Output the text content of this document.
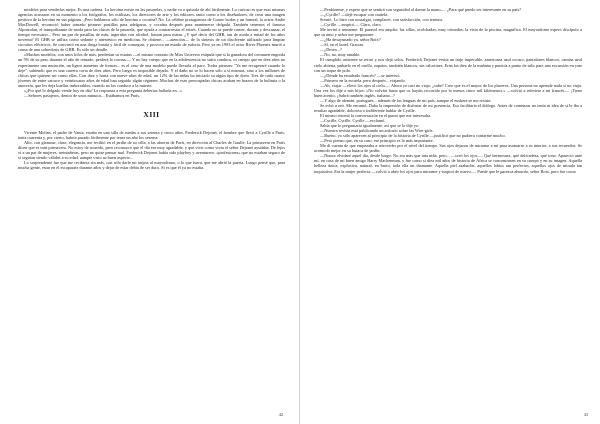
modelos para venderlas mejor. Es una cadena. La heroína existe en las pasarelas, y nadie va a quitarla de ahí fácilmente. Lo curioso es que esas mismas agencias acusaron en su momento a los fotógrafos, los estilistas, los directores de arte y los editores, tanto como a los diseñadores, de crear una imagen positiva de la heroína en sus páginas. ¡Pero hablamos sólo de heroína o cocaína? No. La célebre protagonista de Cuatro bodas y un funeral, la actriz Andie MacDowell, reconoció haber tomado primero pastillas para adelgazar, y cocaína después para mantenerse delgada. También tenemos el famoso Alprazolan, el tranquilizante de moda para las chicas de la pasarela, que ayuda a contrarrestar el estrés. Cuando no se puede comer, dormir y descansar, el tiempo necesario... Pero un par de pastillas de más, ingeridas con alcohol, bastan para matar. ¿Y qué decir del GHB, tan de moda a mitad de los años noventa? El GHB se utiliza como sedante y anestésico en medicina. Se obtiene... —atención— de la síntesis de un disolvente utilizado para limpiar circuitos eléctricos. Se convirtió en una droga barata y fácil de conseguir, y provoca un estado de euforia. Pero ya en 1993 el actor River Phoenix murió a causa de una sobredosis de GHB. Es sólo un detalle.

»Muchas modelos, con unos kilos de más, perderían su estatus —el mismo contrato de Miss Universo estipula que si la ganadora del certamen engorda un 5% de su peso durante el año de reinado, perderá la corona—. Y no hay cuerpo que en la adolescencia no sufra cambios, ni cuerpo que en diez años no experimente una mutación, un ligero aumento de formas... es el caso de una modelo puede llevarla al paro. Todas piensan: "Ya me recuperaré cuando lo deje", sabiendo que es una carrera corta de diez años. Pero luego es imposible dejarlo. Y el daño no se lo hacen sólo a sí mismas, sino a los millones de chicas que quieren ser como ellas. Con diez y hasta con nueve años de edad, un 12% de las niñas ha iniciado su algún tipo de dieta. Tres de cada cuatro jóvenes de entre catorce y veinticuatro años de edad han seguido algún régimen. Muchas de esas preocupadas chicas acaban en brazos de la bulimia o la anorexia, que les deja huellas imborrables, cuando no las conduce a la muerte.

»¿Por qué lo delgado vende hoy en día? La respuesta a esta pregunta deberías hallarla en...»

—Señores pasajeros, dentro de unos minutos... Estábamos en París.

XIII

Vicente Molins, el padre de Vania, estaba en una silla de ruedas a sus setenta y cinco años. Frederick Dejonet, el hombre que llevó a Cyrille a París, tenía cuarenta y, por cierto, habría pasado fácilmente por tener un año los sesenta.

Alto, con glamour, clase, elegancia, me recibió en el jardín de su villa, a las afueras de París, en dirección al Charles de Gaulle. La primavera en París dicen que es más primavera. No estoy de acuerdo, pero reconozco que el día era muy agradable, y que vivir como vivía el señor Dejonet ayudaba. De lejos vi a un par de mujeres, treintañeras, pero no quise pensar mal. Frederick Dejonet había sido playboy y aventurero, «profesiones» que no estaban seguro de sí seguían siendo válidas a su edad, aunque visto su buen aspecto...

Lo sorprendente fue que me recibiera sin más, con sólo darle mi tarjeta al mayordomo, o lo que fuera, que me abrió la puerta. Luego pensé que, para mucha gente, estar en el escaparate durante años y dejar de estar debía de ser duro. Si es que él ya no estaba.

42

—Perdóneme, y espero que se sentirá con seguridad al darme la mano—. ¿Para qué puedo ser interesante en su país?

—¿Cyrille? —dejé escapar con cautela.

Sonrió. Lo hizo con nostalgia, complacer, con satisfacción, con ternura.

—Cyrille —suspiró—. Claro, claro.

Me invitó a sentarme. El parasol era amplio; las sillas, acolchadas, muy cómodas; la vista de la piscina, magnífica. El mayordomo esperó discípulo a que su amo y señor me preguntase:

—¿Ha desayunado ya, señor Boix?

—Sí, en el hotel. Gracias.

—¿Desea...?

—No, no, muy amable.

El cumplido asistente se retiró y nos dejó solos. Frederick Dejonet vestía un traje impecable, americana azul oscuro, pantalones blancos, camisa azul cielo abierta, pañuelo en el cuello, zapatos, también blancos, sin calcetines. Eran las diez de la mañana y parecía a punto de salir para una excursión en yate con un toque de polo.

—¿Dónde ha estudiado francés? —se interesó.

—Primero en la escuela, pero después... viajando.

—Ah, viajar —elevó los ojos al cielo—. Ahora ya casi no viajo, ¿sabe? Creo que es el mayor de los placeres. Una persona no aprende nada si no viaja. Una vez los dije a mis hijos: «No volváis hasta que os hayáis recorrido por lo menos cinco mil kilómetros.» —volvió a referirse a mí francés—. ¡Tiene buen acento, ¿Sabrá también inglés, italiano...?

—Y algo de alemán, portugués... además de las lenguas de mi país, aunque el euskera se me resiste.

Se echó a reír. Me encantó. Daba la impresión de disfrutar de mi presencia. Eso facilitaría el diálogo. Antes de comenzar no tenía ni idea de si le iba a resultar agradable, doloroso o indiferente hablar de Cyrille.

El mismo retomó la conversación en el punto que me interesaba.

—Cyrille, Cyrille, Cyrille —exclamó.

Sabía que lo preguntaría igualmente, así que se lo dije yo:

—Nuestra revista está publicando un artículo sobre las Wire-girls.

—Bueno, yo sólo aparecen al principio de la historia de Cyrille —justificó que no pudiera contarme mucho.

—Pero pienso que, en su caso, ese principio es lo más importante.

Me di cuenta de que empezaba a retroceder por el nivel del tiempo. Sus ojos dejaron de mirarme a mí para asomarse a su interior, a sus recuerdos. Se acomodó mejor en su butaca de jardín.

—Nunca olvidaré aquel día, desde luego. No era más que una niña, pero... —creó los ojos—. Qué hermosura, qué delicadeza, qué tono. Apareció ante mí, en casa de mi buen amigo Harry Machenman, y fue como si diez mil años de historia de África se concentrasen en su cuerpo y en su imagen. Aquella belleza única, explosiva, natural, en bruto, toda ella un diamante. Aquella piel azabache, aquellos labios tan perfectos, aquellos ojos de mirada tan inquisitiva. Era la mujer perfecta —volvió a abrir los ojos para mirarme y suspiró de nuevo—. Puede que le parezca absurdo, señor Boix, pero fue como

43
